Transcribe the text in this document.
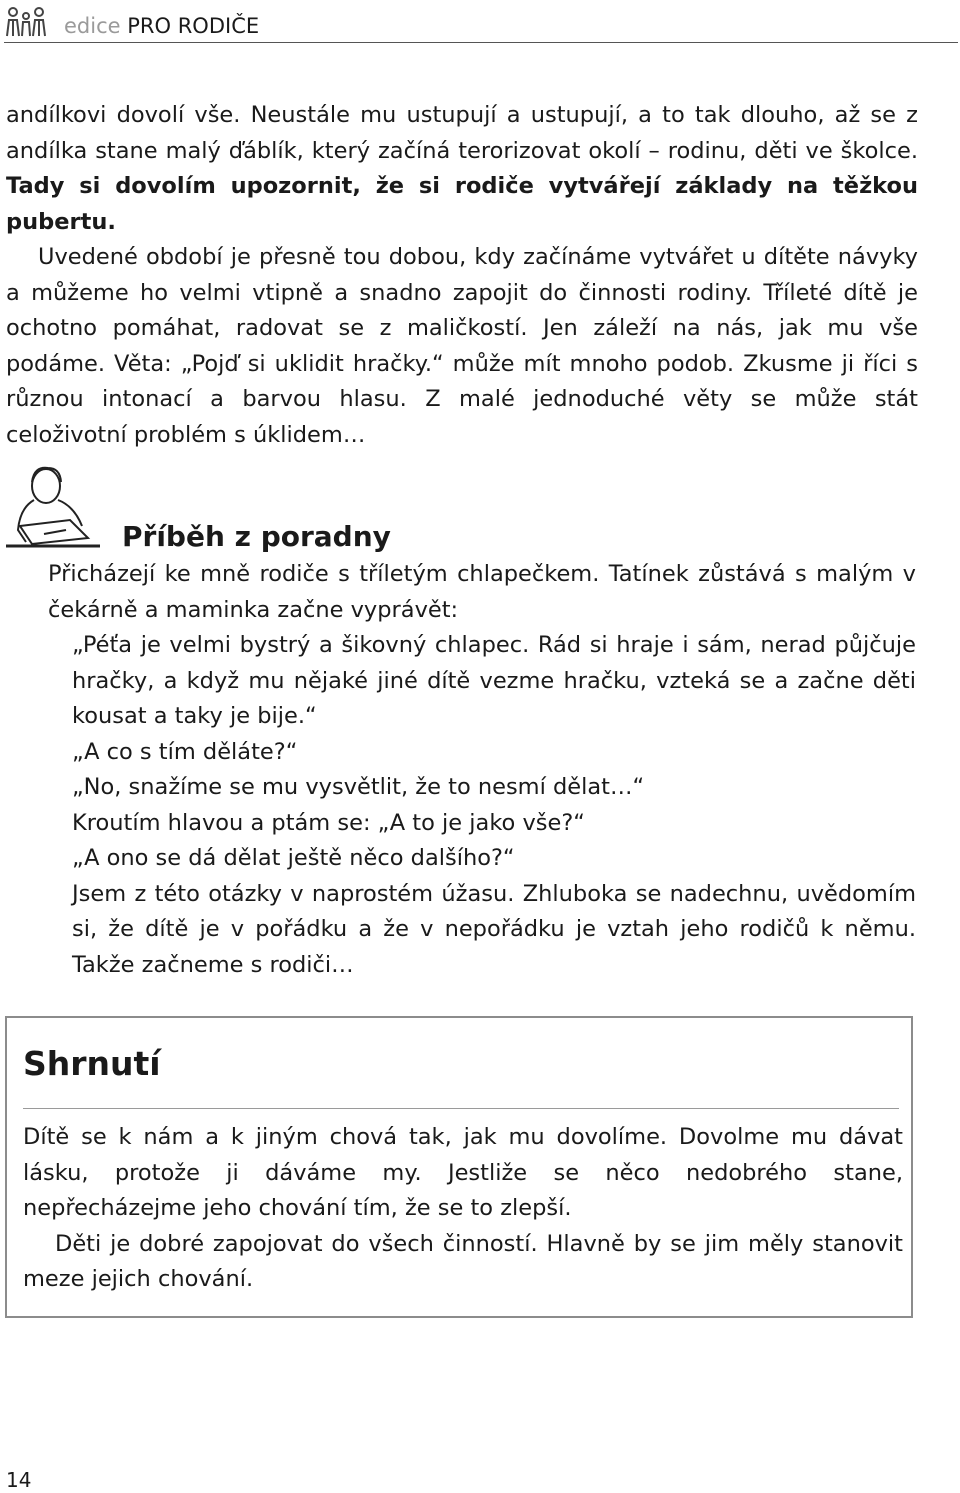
edice PRO RODIČE

andílkovi dovolí vše. Neustále mu ustupují a ustupují, a to tak dlouho, až se z andílka stane malý ďáblík, který začíná terorizovat okolí – rodinu, děti ve školce. Tady si dovolím upozornit, že si rodiče vytvářejí základy na těžkou pubertu.

Uvedené období je přesně tou dobou, kdy začínáme vytvářet u dítěte návyky a můžeme ho velmi vtipně a snadno zapojit do činnosti rodiny. Tříleté dítě je ochotno pomáhat, radovat se z maličkostí. Jen záleží na nás, jak mu vše podáme. Věta: „Pojď si uklidit hračky.“ může mít mnoho podob. Zkusme ji říci s různou intonací a barvou hlasu. Z malé jednoduché věty se může stát celoživotní problém s úklidem…

Příběh z poradny

Přicházejí ke mně rodiče s tříletým chlapečkem. Tatínek zůstává s malým v čekárně a maminka začne vyprávět:

„Péťa je velmi bystrý a šikovný chlapec. Rád si hraje i sám, nerad půjčuje hračky, a když mu nějaké jiné dítě vezme hračku, vzteká se a začne děti kousat a taky je bije.“

„A co s tím děláte?“

„No, snažíme se mu vysvětlit, že to nesmí dělat…“

Kroutím hlavou a ptám se: „A to je jako vše?“

„A ono se dá dělat ještě něco dalšího?“

Jsem z této otázky v naprostém úžasu. Zhluboka se nadechnu, uvědomím si, že dítě je v pořádku a že v nepořádku je vztah jeho rodičů k němu. Takže začneme s rodiči…

Shrnutí

Dítě se k nám a k jiným chová tak, jak mu dovolíme. Dovolme mu dávat lásku, protože ji dáváme my. Jestliže se něco nedobrého stane, nepřecházejme jeho chování tím, že se to zlepší.

Děti je dobré zapojovat do všech činností. Hlavně by se jim měly stanovit meze jejich chování.

14
